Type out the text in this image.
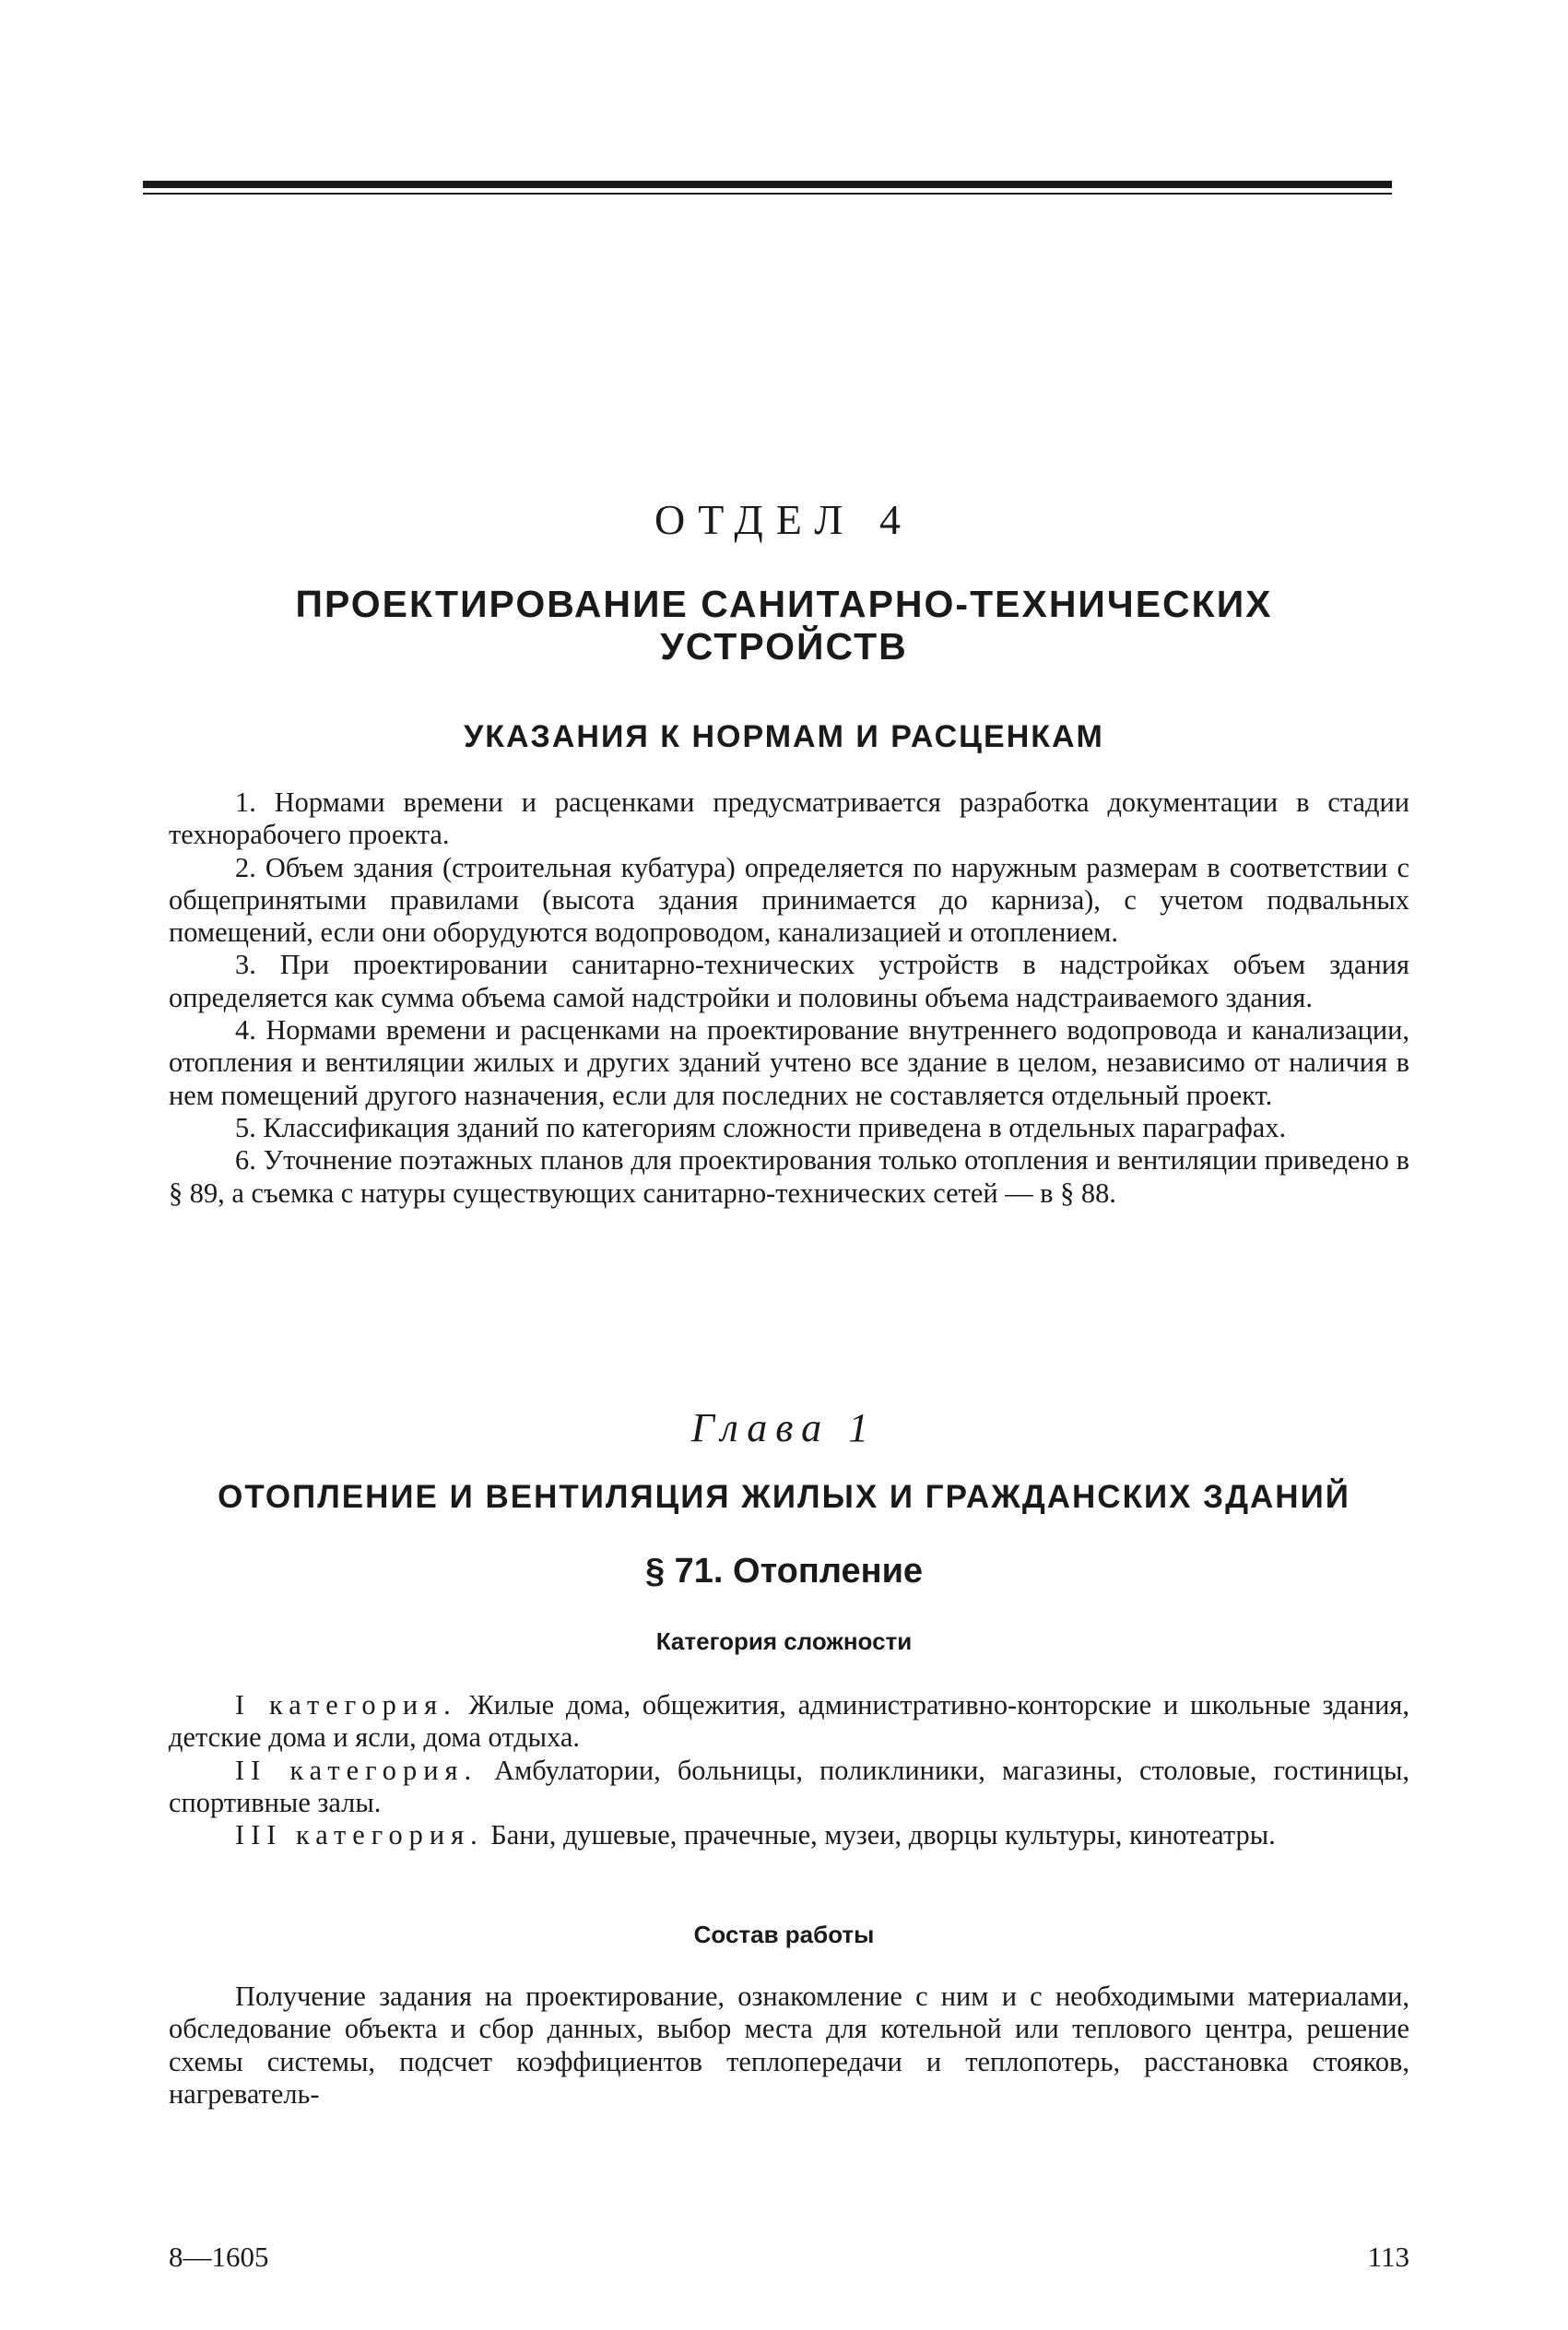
ОТДЕЛ 4
ПРОЕКТИРОВАНИЕ САНИТАРНО-ТЕХНИЧЕСКИХ
УСТРОЙСТВ
УКАЗАНИЯ К НОРМАМ И РАСЦЕНКАМ

1. Нормами времени и расценками предусматривается разработка документации в стадии технорабочего проекта.

2. Объем здания (строительная кубатура) определяется по наружным размерам в соответствии с общепринятыми правилами (высота здания принимается до карниза), с учетом подвальных помещений, если они оборудуются водопроводом, канализацией и отоплением.

3. При проектировании санитарно-технических устройств в надстройках объем здания определяется как сумма объема самой надстройки и половины объема надстраиваемого здания.

4. Нормами времени и расценками на проектирование внутреннего водопровода и канализации, отопления и вентиляции жилых и других зданий учтено все здание в целом, независимо от наличия в нем помещений другого назначения, если для последних не составляется отдельный проект.

5. Классификация зданий по категориям сложности приведена в отдельных параграфах.

6. Уточнение поэтажных планов для проектирования только отопления и вентиляции приведено в § 89, а съемка с натуры существующих санитарно-технических сетей — в § 88.

Глава 1
ОТОПЛЕНИЕ И ВЕНТИЛЯЦИЯ ЖИЛЫХ И ГРАЖДАНСКИХ ЗДАНИЙ
§ 71. Отопление
Категория сложности

I категория. Жилые дома, общежития, административно-конторские и школьные здания, детские дома и ясли, дома отдыха.

II категория. Амбулатории, больницы, поликлиники, магазины, столовые, гостиницы, спортивные залы.

III категория. Бани, душевые, прачечные, музеи, дворцы культуры, кинотеатры.

Состав работы

Получение задания на проектирование, ознакомление с ним и с необходимыми материалами, обследование объекта и сбор данных, выбор места для котельной или теплового центра, решение схемы системы, подсчет коэффициентов теплопередачи и теплопотерь, расстановка стояков, нагреватель-

8—1605	113
